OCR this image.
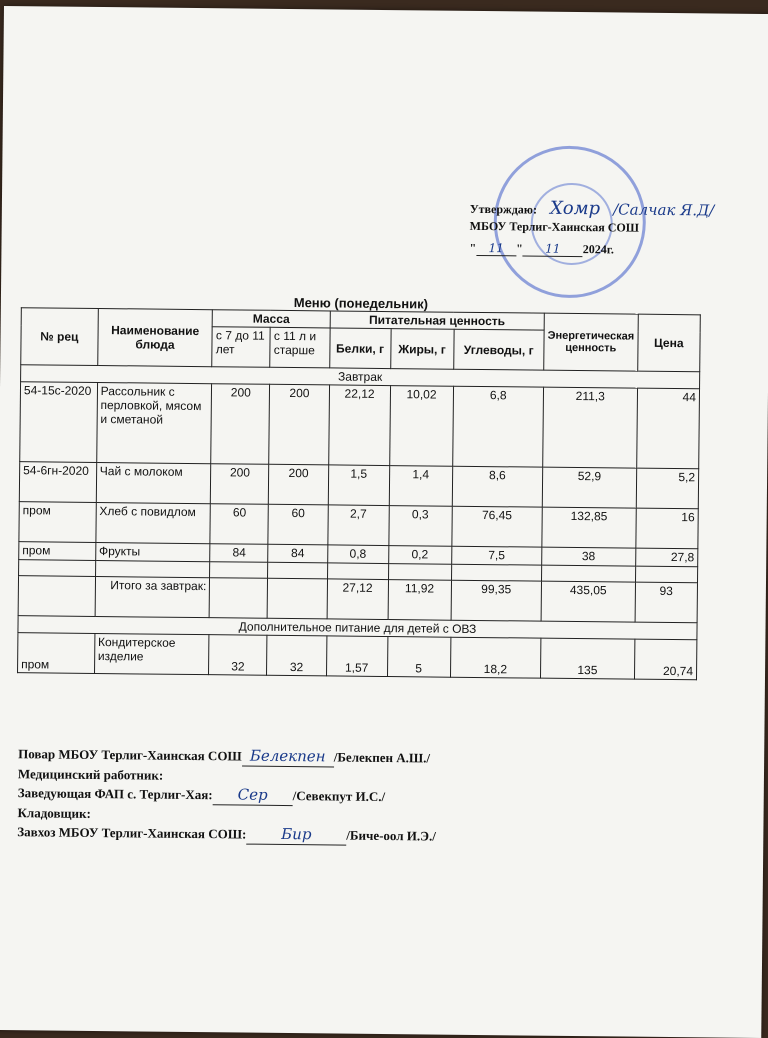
Утверждаю: Хомр /Салчак Я.Д/
МБОУ Терлиг-Хаинская СОШ
" 11 " 11 2024г.
Меню (понедельник)
№ рец	Наименование блюда	Масса		Питательная ценность			Энергетическая ценность	Цена
		с 7 до 11 лет	с 11 л и старше	Белки, г	Жиры, г	Углеводы, г		
Завтрак								
54-15с-2020	Рассольник с перловкой, мясом и сметаной	200	200	22,12	10,02	6,8	211,3	44
54-6гн-2020	Чай с молоком	200	200	1,5	1,4	8,6	52,9	5,2
пром	Хлеб с повидлом	60	60	2,7	0,3	76,45	132,85	16
пром	Фрукты	84	84	0,8	0,2	7,5	38	27,8

	Итого за завтрак:			27,12	11,92	99,35	435,05	93
Дополнительное питание для детей с ОВЗ								
пром	Кондитерское изделие	32	32	1,57	5	18,2	135	20,74
Повар МБОУ Терлиг-Хаинская СОШ Белекпен /Белекпен А.Ш./
Медицинский работник:
Заведующая ФАП с. Терлиг-Хая: Сер /Севекпут И.С./
Кладовщик:
Завхоз МБОУ Терлиг-Хаинская СОШ: Бир	/Биче-оол И.Э./
